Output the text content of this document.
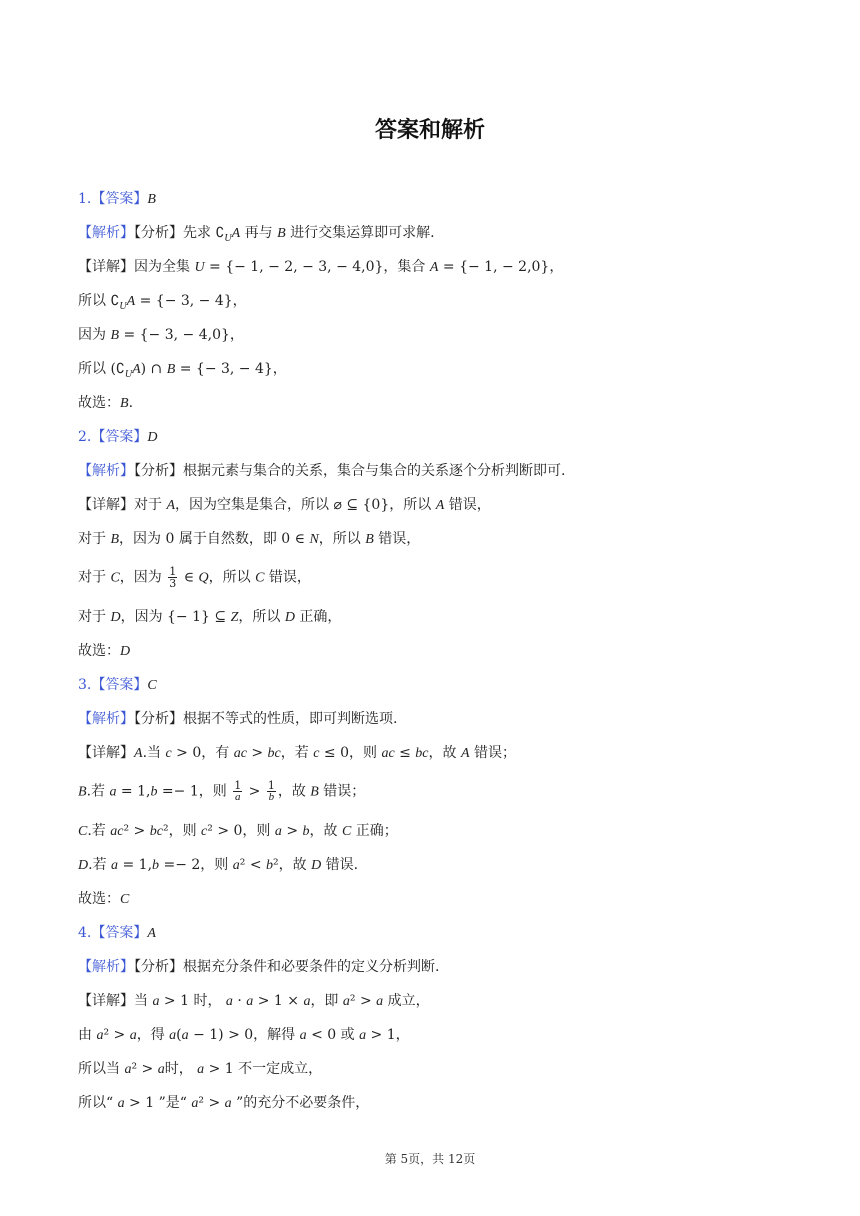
答案和解析
1.【答案】B
【解析】【分析】先求 $∁_UA$ 再与 B 进行交集运算即可求解.
【详解】因为全集 U = {− 1, − 2, − 3, − 4,0}，集合 A = {− 1, − 2,0}，
所以 $∁_UA$ = {− 3, − 4}，
因为 B = {− 3, − 4,0}，
所以 $(∁_UA)$ ∩ B = {− 3, − 4}，
故选：B.
2.【答案】D
【解析】【分析】根据元素与集合的关系，集合与集合的关系逐个分析判断即可.
【详解】对于 A，因为空集是集合，所以 ⌀ ⊆ {0}，所以 A 错误，
对于 B，因为 0 属于自然数，即 0 ∈ N，所以 B 错误，
对于 C，因为 $\frac{1}{3}$ ∈ Q，所以 C 错误，
对于 D，因为 {− 1} ⊆ Z，所以 D 正确，
故选：D
3.【答案】C
【解析】【分析】根据不等式的性质，即可判断选项.
【详解】A.当 c > 0，有 ac > bc，若 c ≤ 0，则 ac ≤ bc，故 A 错误；
B.若 a = 1,b =− 1，则 $\frac{1}{a} > \frac{1}{b}$ ，故 B 错误；
C.若 ac² > bc²，则 c² > 0，则 a > b，故 C 正确；
D.若 a = 1,b =− 2，则 a² < b²，故 D 错误.
故选：C
4.【答案】A
【解析】【分析】根据充分条件和必要条件的定义分析判断.
【详解】当 a > 1 时， a · a > 1 × a，即 a² > a 成立，
由 a² > a，得 a(a − 1) > 0，解得 a < 0 或 a > 1，
所以当 a² > a时， a > 1 不一定成立，
所以“ a > 1 ”是“ a² > a ”的充分不必要条件，
第 5页，共 12页
